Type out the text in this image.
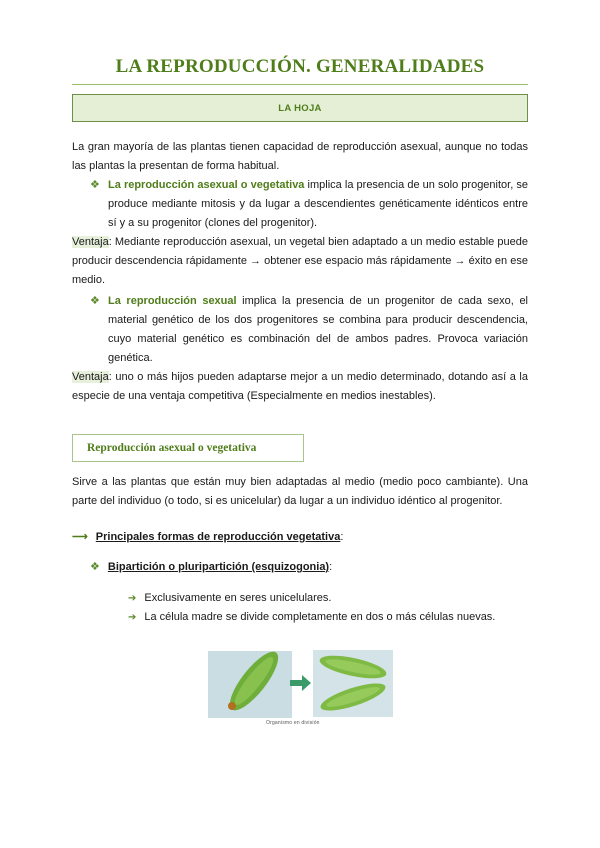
LA REPRODUCCIÓN. GENERALIDADES
LA HOJA

La gran mayoría de las plantas tienen capacidad de reproducción asexual, aunque no todas las plantas la presentan de forma habitual.

❖ La reproducción asexual o vegetativa implica la presencia de un solo progenitor, se produce mediante mitosis y da lugar a descendientes genéticamente idénticos entre sí y a su progenitor (clones del progenitor).

Ventaja: Mediante reproducción asexual, un vegetal bien adaptado a un medio estable puede producir descendencia rápidamente → obtener ese espacio más rápidamente → éxito en ese medio.

❖ La reproducción sexual implica la presencia de un progenitor de cada sexo, el material genético de los dos progenitores se combina para producir descendencia, cuyo material genético es combinación del de ambos padres. Provoca variación genética.

Ventaja: uno o más hijos pueden adaptarse mejor a un medio determinado, dotando así a la especie de una ventaja competitiva (Especialmente en medios inestables).

Reproducción asexual o vegetativa

Sirve a las plantas que están muy bien adaptadas al medio (medio poco cambiante). Una parte del individuo (o todo, si es unicelular) da lugar a un individuo idéntico al progenitor.

⟶ Principales formas de reproducción vegetativa:
❖ Bipartición o pluripartición (esquizogonia):
➔ Exclusivamente en seres unicelulares.
➔ La célula madre se divide completamente en dos o más células nuevas.
Organismo en división
